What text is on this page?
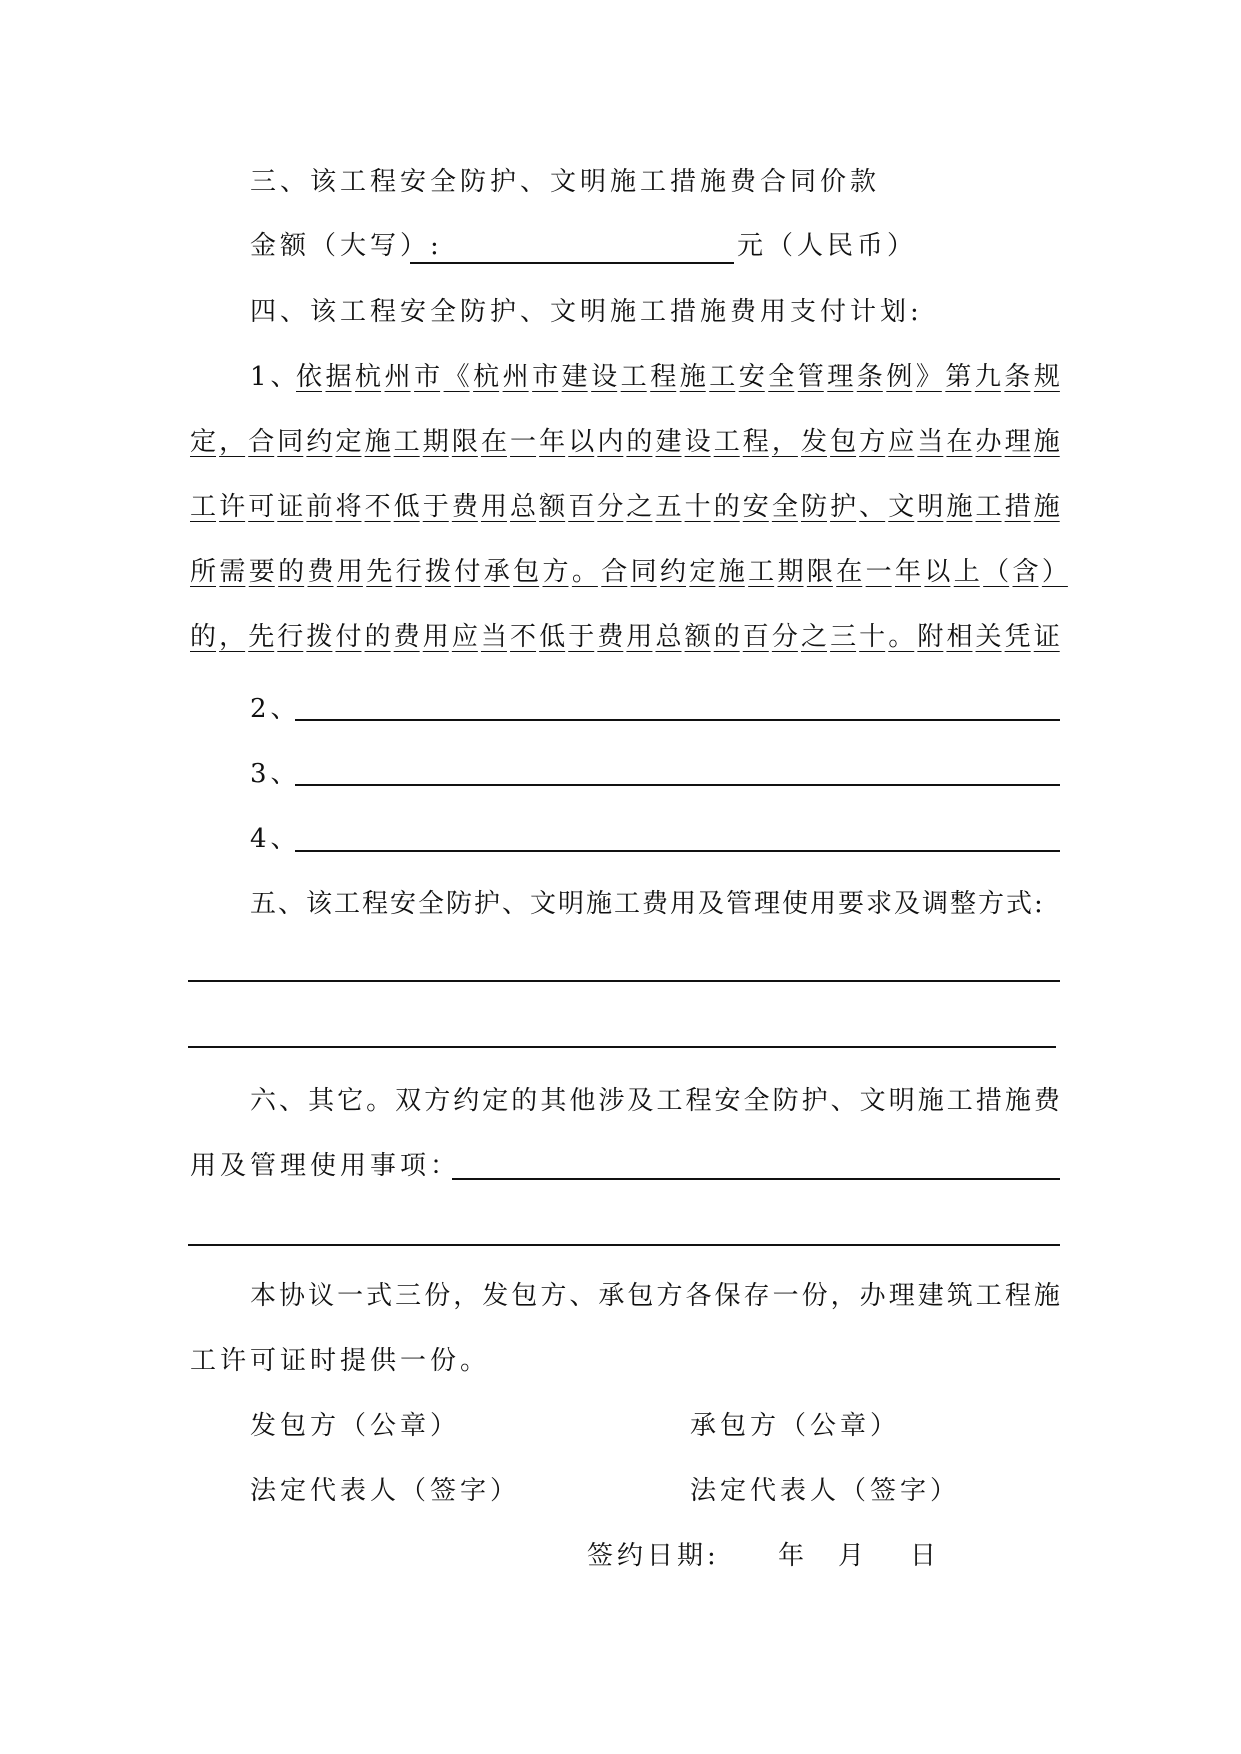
三、该工程安全防护、文明施工措施费合同价款
金额（大写）:	元（人民币）
四、该工程安全防护、文明施工措施费用支付计划:
1、
依 据 杭 州 市 《 杭 州 市 建 设 工 程 施 工 安 全 管 理 条 例 》 第 九 条 规
定 ， 合 同 约 定 施 工 期 限 在 一 年 以 内 的 建 设 工 程 ， 发 包 方 应 当 在 办 理 施
工 许 可 证 前 将 不 低 于 费 用 总 额 百 分 之 五 十 的 安 全 防 护 、 文 明 施 工 措 施
所 需 要 的 费 用 先 行 拨 付 承 包 方 。 合 同 约 定 施 工 期 限 在 一 年 以 上 （ 含 ）
的 ， 先 行 拨 付 的 费 用 应 当 不 低 于 费 用 总 额 的 百 分 之 三 十 。 附 相 关 凭 证
2、
3、
4、
五、该工程安全防护、文明施工费用及管理使用要求及调整方式:
六 、 其 它 。 双 方 约 定 的 其 他 涉 及 工 程 安 全 防 护 、 文 明 施 工 措 施 费
用及管理使用事项：
本 协 议 一 式 三 份 ， 发 包 方 、 承 包 方 各 保 存 一 份 ， 办 理 建 筑 工 程 施
工许可证时提供一份。
发包方（公章）	承包方（公章）
法定代表人（签字）	法定代表人（签字）
签约日期: 年 月 日
